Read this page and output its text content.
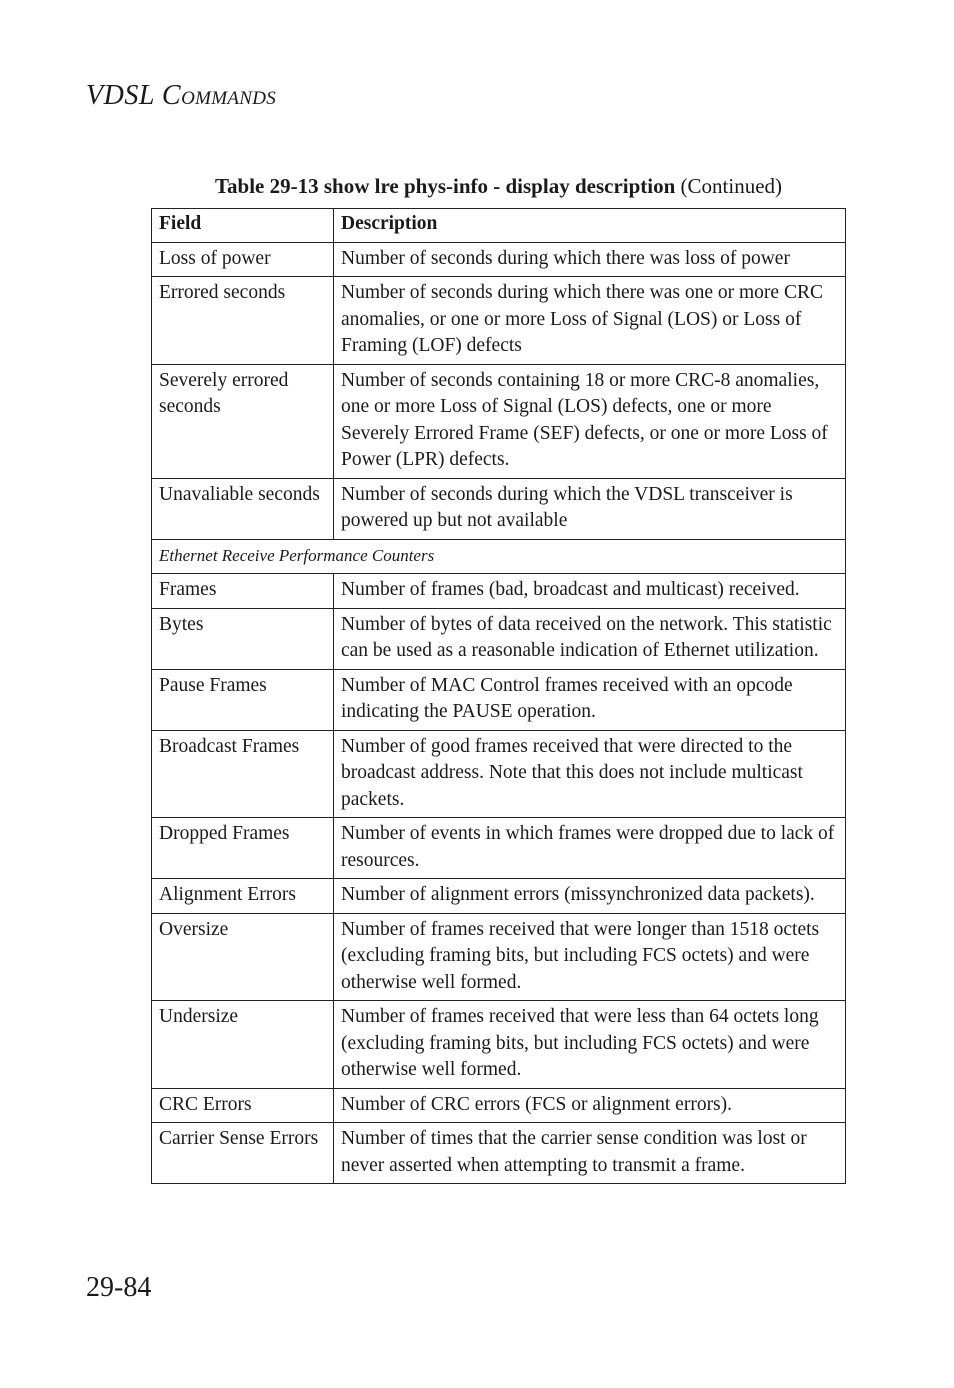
VDSL COMMANDS
Table 29-13 show lre phys-info - display description (Continued)
Field	Description
Loss of power	Number of seconds during which there was loss of power
Errored seconds	Number of seconds during which there was one or more CRC anomalies, or one or more Loss of Signal (LOS) or Loss of Framing (LOF) defects
Severely errored seconds	Number of seconds containing 18 or more CRC-8 anomalies, one or more Loss of Signal (LOS) defects, one or more Severely Errored Frame (SEF) defects, or one or more Loss of Power (LPR) defects.
Unavaliable seconds	Number of seconds during which the VDSL transceiver is powered up but not available
Ethernet Receive Performance Counters	
Frames	Number of frames (bad, broadcast and multicast) received.
Bytes	Number of bytes of data received on the network. This statistic can be used as a reasonable indication of Ethernet utilization.
Pause Frames	Number of MAC Control frames received with an opcode indicating the PAUSE operation.
Broadcast Frames	Number of good frames received that were directed to the broadcast address. Note that this does not include multicast packets.
Dropped Frames	Number of events in which frames were dropped due to lack of resources.
Alignment Errors	Number of alignment errors (missynchronized data packets).
Oversize	Number of frames received that were longer than 1518 octets (excluding framing bits, but including FCS octets) and were otherwise well formed.
Undersize	Number of frames received that were less than 64 octets long (excluding framing bits, but including FCS octets) and were otherwise well formed.
CRC Errors	Number of CRC errors (FCS or alignment errors).
Carrier Sense Errors	Number of times that the carrier sense condition was lost or never asserted when attempting to transmit a frame.
29-84
